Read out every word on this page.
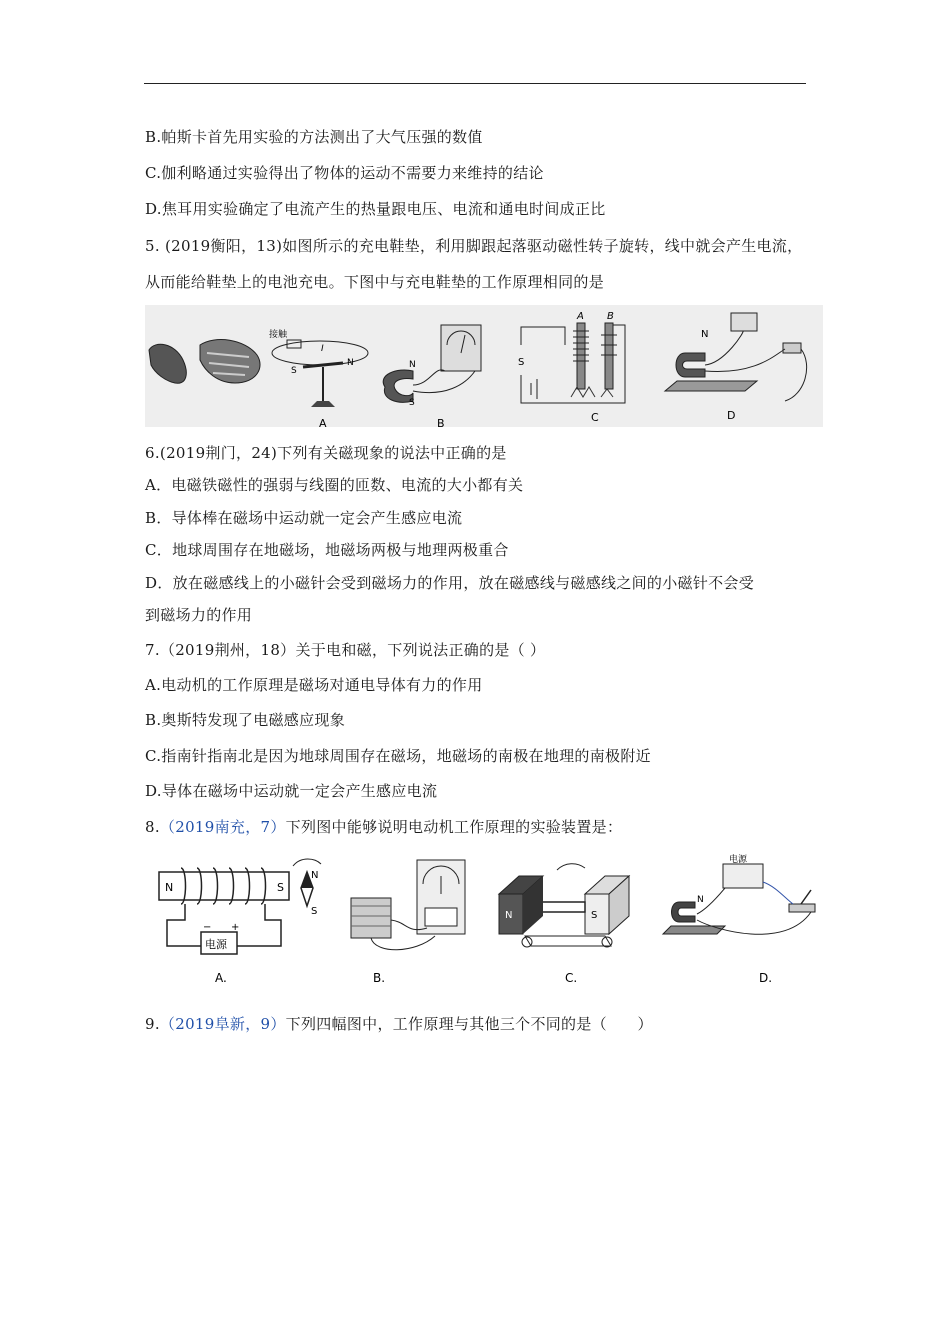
B.帕斯卡首先用实验的方法测出了大气压强的数值
C.伽利略通过实验得出了物体的运动不需要力来维持的结论
D.焦耳用实验确定了电流产生的热量跟电压、电流和通电时间成正比
5. (2019衡阳，13)如图所示的充电鞋垫，利用脚跟起落驱动磁性转子旋转，线中就会产生电流，
从而能给鞋垫上的电池充电。下图中与充电鞋垫的工作原理相同的是
接触
I
S
N
A
N
S
B
S
A B
C
N
D
6.(2019荆门，24)下列有关磁现象的说法中正确的是
A．电磁铁磁性的强弱与线圈的匝数、电流的大小都有关
B．导体棒在磁场中运动就一定会产生感应电流
C．地球周围存在地磁场，地磁场两极与地理两极重合
D．放在磁感线上的小磁针会受到磁场力的作用，放在磁感线与磁感线之间的小磁针不会受
到磁场力的作用
7.（2019荆州，18）关于电和磁，下列说法正确的是（ ）
A.电动机的工作原理是磁场对通电导体有力的作用
B.奥斯特发现了电磁感应现象
C.指南针指南北是因为地球周围存在磁场，地磁场的南极在地理的南极附近
D.导体在磁场中运动就一定会产生感应电流
8.（2019南充，7）下列图中能够说明电动机工作原理的实验装置是：
N	S
电源
− +
N
S
A.	B.
N	S
C.
电源
N
D.
9.（2019阜新，9）下列四幅图中，工作原理与其他三个不同的是（　　）
